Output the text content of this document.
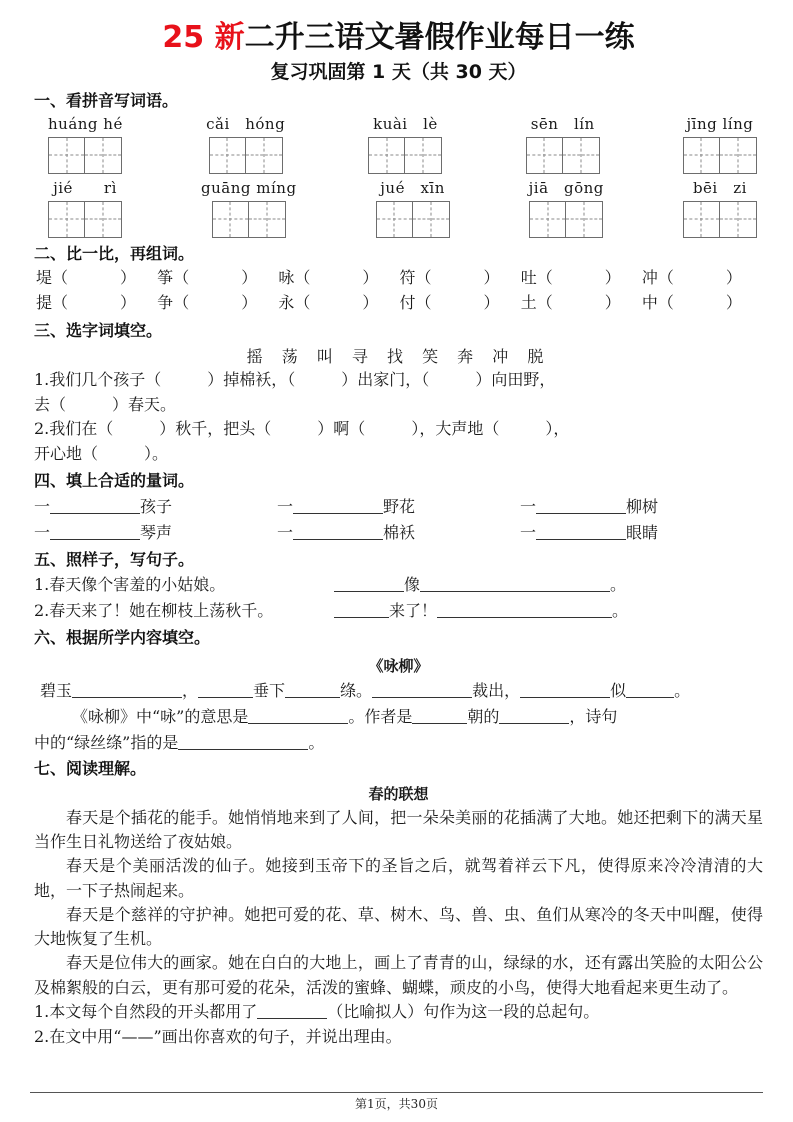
25 新二升三语文暑假作业每日一练
复习巩固第 1 天（共 30 天）
一、看拼音写词语。
huáng hé	cǎi　hóng	kuài　lè	sēn　lín	jīng líng
jié　　rì	guāng míng	jué　xīn	jiā　gōng	bēi　zi
二、比一比，再组词。
堤（	）	筝（	）	咏（	）	符（	）	吐（	）	冲（	）
提（	）	争（	）	永（	）	付（	）	土（	）	中（	）
三、选字词填空。
摇 荡 叫 寻 找 笑 奔 冲 脱
1.我们几个孩子（	）掉棉袄，（	）出家门，（	）向田野，
去（	）春天。
2.我们在（	）秋千，把头（	）啊（	），大声地（	），
开心地（	）。
四、填上合适的量词。
一	孩子	一	野花	一	柳树
一	琴声	一	棉袄	一	眼睛
五、照样子，写句子。
1.春天像个害羞的小姑娘。	像	。
2.春天来了！她在柳枝上荡秋千。	来了！	。
六、根据所学内容填空。
《咏柳》
碧玉	，	垂下	绦。	裁出，	似	。
《咏柳》中“咏”的意思是	。作者是	朝的	，诗句
中的“绿丝绦”指的是	。
七、阅读理解。
春的联想

春天是个插花的能手。她悄悄地来到了人间，把一朵朵美丽的花插满了大地。她还把剩下的满天星当作生日礼物送给了夜姑娘。

春天是个美丽活泼的仙子。她接到玉帝下的圣旨之后，就驾着祥云下凡，使得原来冷冷清清的大地，一下子热闹起来。

春天是个慈祥的守护神。她把可爱的花、草、树木、鸟、兽、虫、鱼们从寒冷的冬天中叫醒，使得大地恢复了生机。

春天是位伟大的画家。她在白白的大地上，画上了青青的山，绿绿的水，还有露出笑脸的太阳公公及棉絮般的白云，更有那可爱的花朵，活泼的蜜蜂、蝴蝶，顽皮的小鸟，使得大地看起来更生动了。

1.本文每个自然段的开头都用了	（比喻拟人）句作为这一段的总起句。
2.在文中用“——”画出你喜欢的句子，并说出理由。
第1页，共30页
